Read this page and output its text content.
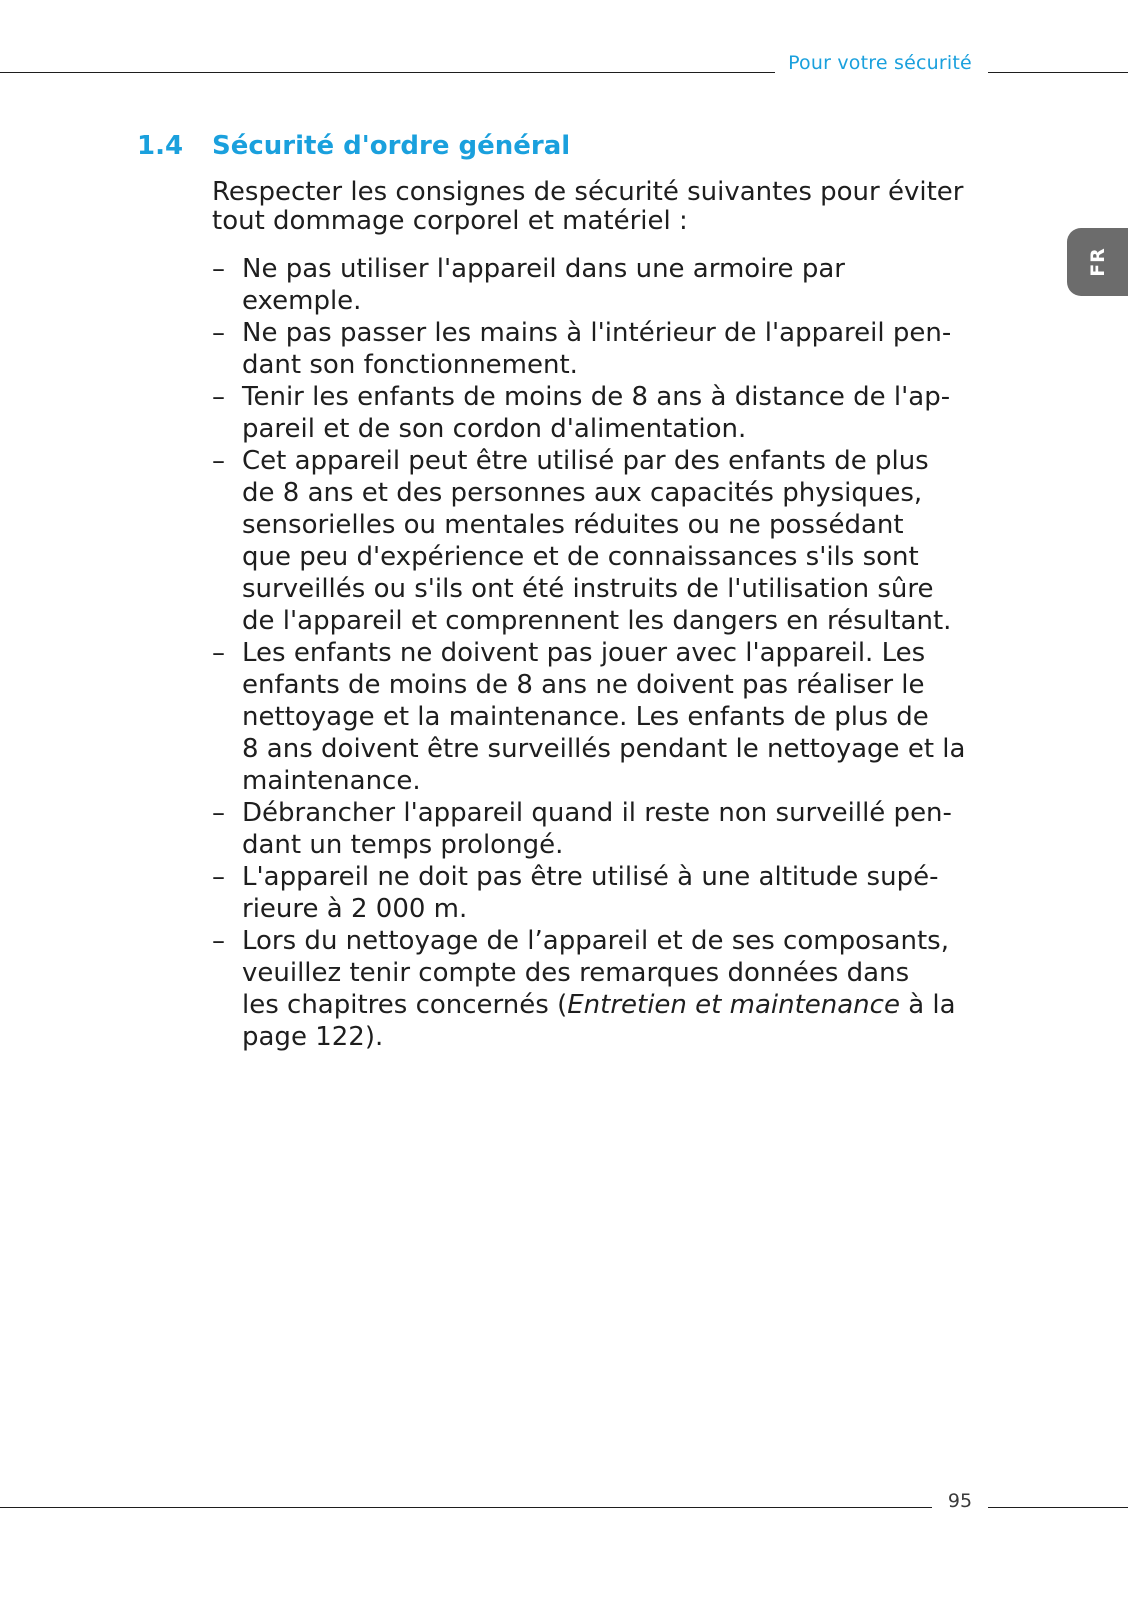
Pour votre sécurité
FR
1.4 Sécurité d'ordre général
Respecter les consignes de sécurité suivantes pour éviter
tout dommage corporel et matériel :
– Ne pas utiliser l'appareil dans une armoire par
exemple.
– Ne pas passer les mains à l'intérieur de l'appareil pen-
dant son fonctionnement.
– Tenir les enfants de moins de 8 ans à distance de l'ap-
pareil et de son cordon d'alimentation.
– Cet appareil peut être utilisé par des enfants de plus
de 8 ans et des personnes aux capacités physiques,
sensorielles ou mentales réduites ou ne possédant
que peu d'expérience et de connaissances s'ils sont
surveillés ou s'ils ont été instruits de l'utilisation sûre
de l'appareil et comprennent les dangers en résultant.
– Les enfants ne doivent pas jouer avec l'appareil. Les
enfants de moins de 8 ans ne doivent pas réaliser le
nettoyage et la maintenance. Les enfants de plus de
8 ans doivent être surveillés pendant le nettoyage et la
maintenance.
– Débrancher l'appareil quand il reste non surveillé pen-
dant un temps prolongé.
– L'appareil ne doit pas être utilisé à une altitude supé-
rieure à 2 000 m.
– Lors du nettoyage de l’appareil et de ses composants,
veuillez tenir compte des remarques données dans
les chapitres concernés (Entretien et maintenance à la
page 122).
95
